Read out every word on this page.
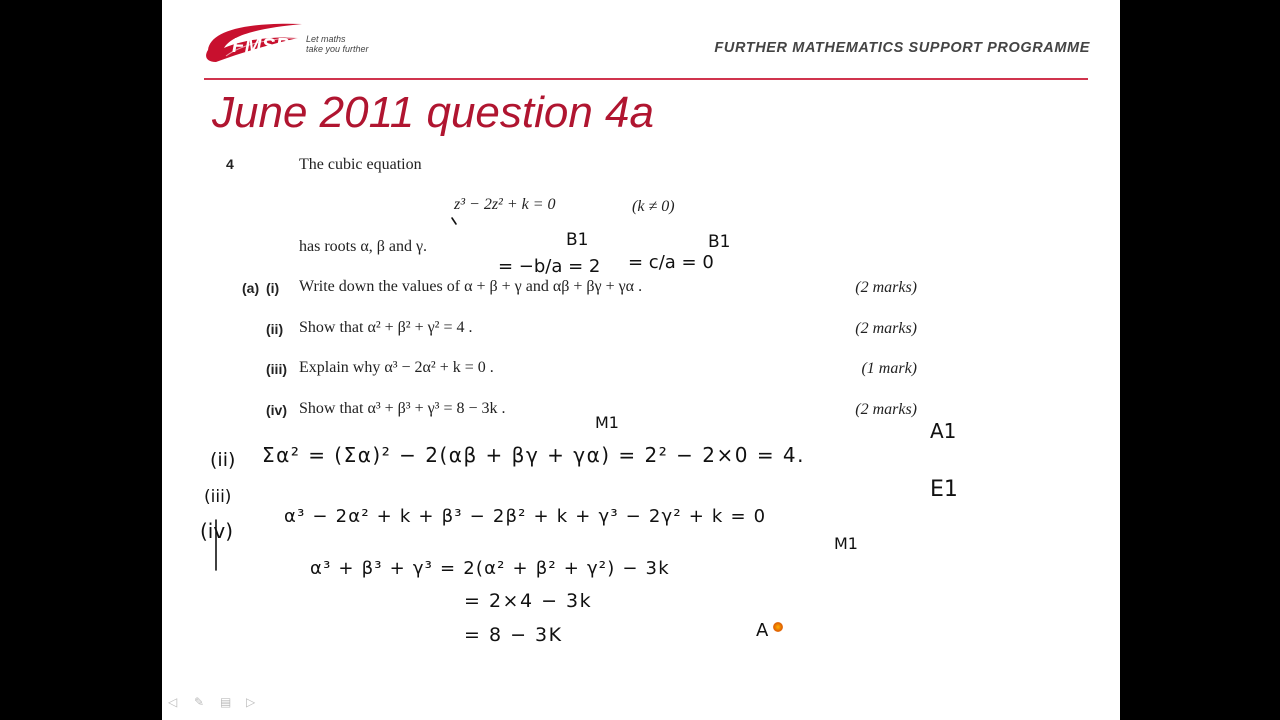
FMSP Let maths
take you further	FURTHER MATHEMATICS SUPPORT PROGRAMME
June 2011 question 4a
4	The cubic equation
z³ − 2z² + k = 0	(k ≠ 0)
has roots α, β and γ.
(a) (i) Write down the values of α + β + γ and αβ + βγ + γα .	(2 marks)
(ii) Show that α² + β² + γ² = 4 .	(2 marks)
(iii) Explain why α³ − 2α² + k = 0 .	(1 mark)
(iv) Show that α³ + β³ + γ³ = 8 − 3k .	(2 marks)
B1
= −b/a = 2
B1
= c/a = 0
M1
(ii) Σα² = (Σα)² − 2(αβ + βγ + γα) = 2² − 2×0 = 4.
A1
(iii)	E1
(iv)
α³ − 2α² + k + β³ − 2β² + k + γ³ − 2γ² + k = 0
M1
α³ + β³ + γ³ = 2(α² + β² + γ²) − 3k
= 2×4 − 3k
= 8 − 3K	A
◁	✎	▤	▷
